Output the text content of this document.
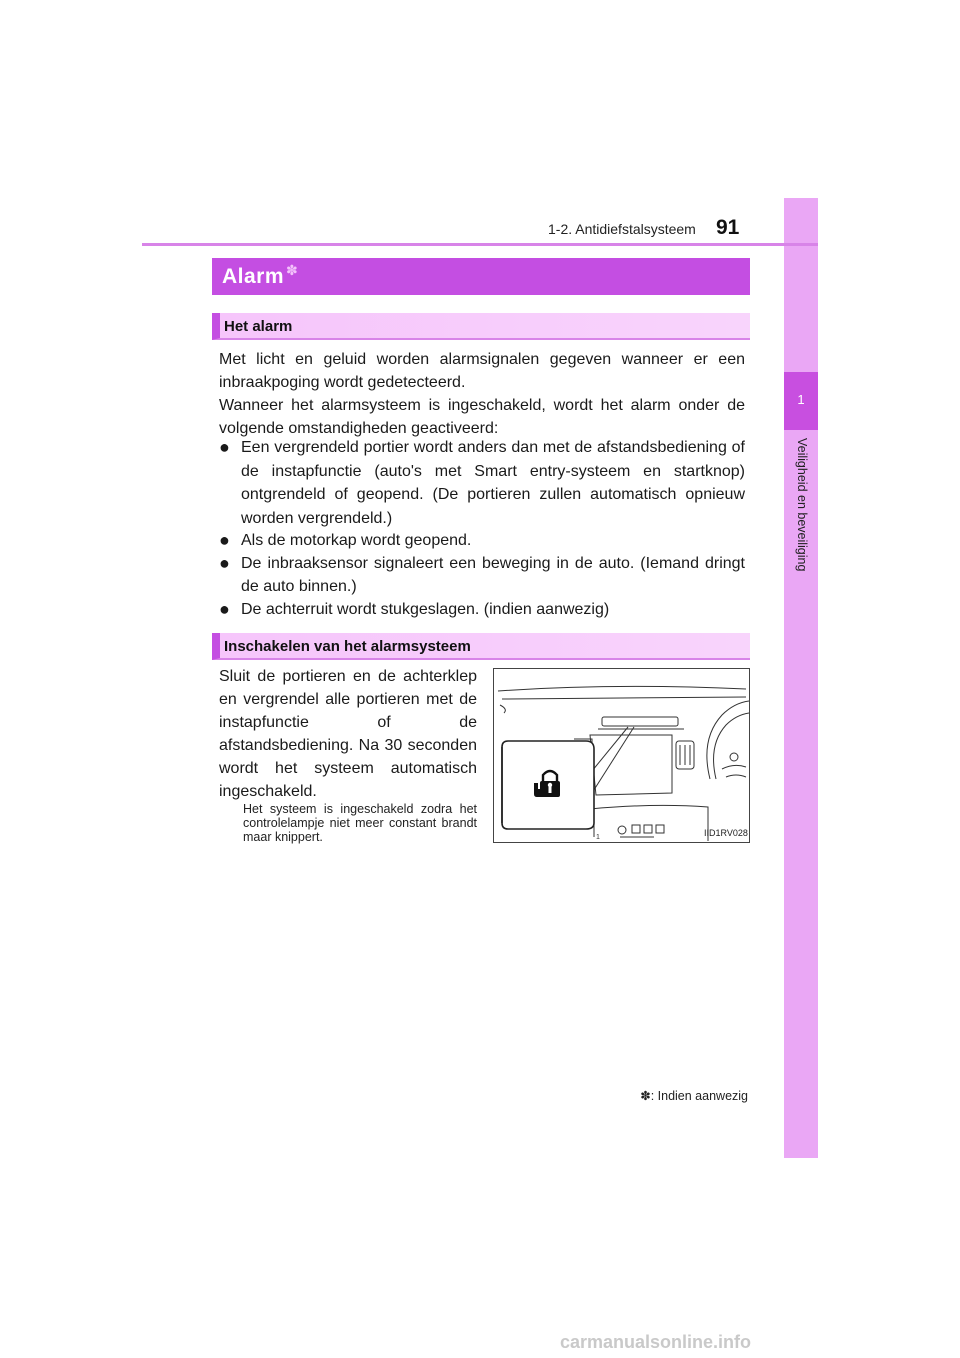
1
Veiligheid en beveiliging
1-2. Antidiefstalsysteem 91
Alarm ✽
Het alarm
Met licht en geluid worden alarmsignalen gegeven wanneer er een inbraakpoging wordt gedetecteerd.
Wanneer het alarmsysteem is ingeschakeld, wordt het alarm onder de volgende omstandigheden geactiveerd:
● Een vergrendeld portier wordt anders dan met de afstandsbediening of de instapfunctie (auto's met Smart entry-systeem en startknop) ontgrendeld of geopend. (De portieren zullen automatisch opnieuw worden vergrendeld.)
● Als de motorkap wordt geopend.
● De inbraaksensor signaleert een beweging in de auto. (Iemand dringt de auto binnen.)
● De achterruit wordt stukgeslagen. (indien aanwezig)
Inschakelen van het alarmsysteem
Sluit de portieren en de achterklep en vergrendel alle portieren met de instapfunctie of de afstandsbediening. Na 30 seconden wordt het systeem automatisch ingeschakeld.
Het systeem is ingeschakeld zodra het controlelampje niet meer constant brandt maar knippert.	1	IID1RV028
✽: Indien aanwezig
carmanualsonline.info
